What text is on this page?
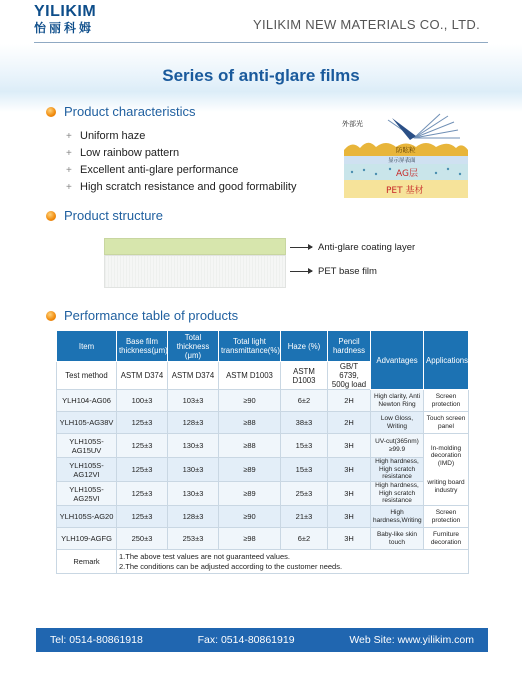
YILIKIM
怡丽科姆	YILIKIM NEW MATERIALS CO., LTD.
Series of anti-glare films
Product characteristics
+ Uniform haze
+ Low rainbow pattern
+ Excellent anti-glare performance
+ High scratch resistance and good formability
外部光
防眩粒
显示屏表面
AG层
PET 基材
Product structure
Anti-glare coating layer
PET base film
Performance table of products
Item	Base film thickness(μm)	Total thickness (μm)	Total light transmittance(%)	Haze (%)	Pencil hardness	Advantages	Applications
Test method	ASTM D374	ASTM D374	ASTM D1003	ASTM D1003	GB/T 6739, 500g load		
YLH104-AG06	100±3	103±3	≥90	6±2	2H	High clarity, Anti Newton Ring	Screen protection
YLH105-AG38V	125±3	128±3	≥88	38±3	2H	Low Gloss, Writing	Touch screen panel
YLH105S-AG15UV	125±3	130±3	≥88	15±3	3H	UV-cut(365nm) ≥99.9	In-molding decoration (IMD)
writing board industry

YLH105S-AG12VI	125±3	130±3	≥89	15±3	3H	High hardness, High scratch resistance	
YLH105S-AG25VI	125±3	130±3	≥89	25±3	3H	High hardness, High scratch resistance	
YLH105S-AG20	125±3	128±3	≥90	21±3	3H	High hardness,Writing	Screen protection
YLH109-AGFG	250±3	253±3	≥98	6±2	3H	Baby-like skin touch	Furniture decoration
Remark	1.The above test values are not guaranteed values.
2.The conditions can be adjusted according to the customer needs.						
Tel: 0514-80861918	Fax: 0514-80861919	Web Site: www.yilikim.com
